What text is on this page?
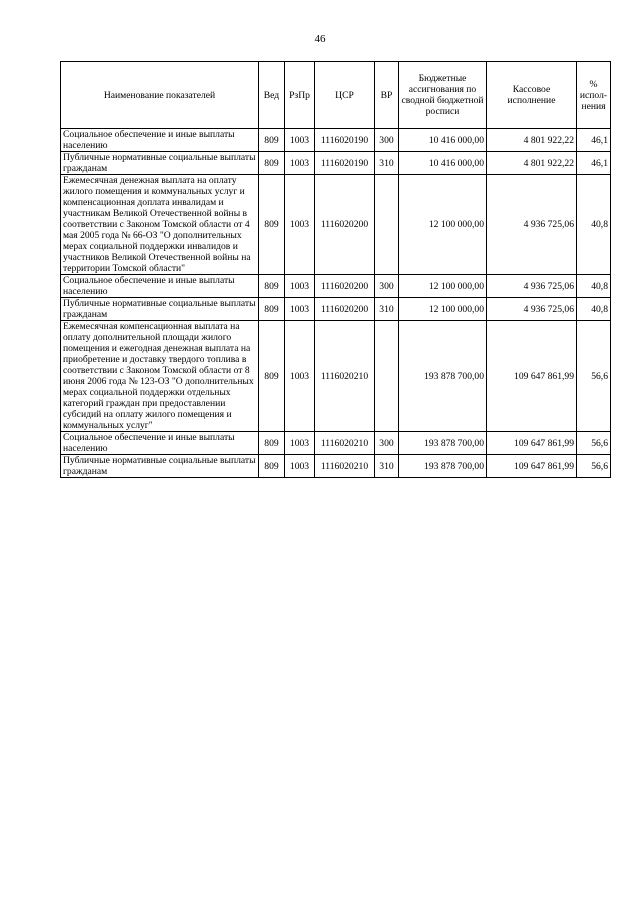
46
Наименование показателей	Вед	РзПр	ЦСР	ВР	Бюджетные ассигнования по сводной бюджетной росписи	Кассовое исполнение	% испол-нения
Социальное обеспечение и иные выплаты населению	809	1003	1116020190	300	10 416 000,00	4 801 922,22	46,1
Публичные нормативные социальные выплаты гражданам	809	1003	1116020190	310	10 416 000,00	4 801 922,22	46,1
Ежемесячная денежная выплата на оплату жилого помещения и коммунальных услуг и компенсационная доплата инвалидам и участникам Великой Отечественной войны в соответствии с Законом Томской области от 4 мая 2005 года № 66-ОЗ "О дополнительных мерах социальной поддержки инвалидов и участников Великой Отечественной войны на территории Томской области"	809	1003	1116020200		12 100 000,00	4 936 725,06	40,8
Социальное обеспечение и иные выплаты населению	809	1003	1116020200	300	12 100 000,00	4 936 725,06	40,8
Публичные нормативные социальные выплаты гражданам	809	1003	1116020200	310	12 100 000,00	4 936 725,06	40,8
Ежемесячная компенсационная выплата на оплату дополнительной площади жилого помещения и ежегодная денежная выплата на приобретение и доставку твердого топлива в соответствии с Законом Томской области от 8 июня 2006 года № 123-ОЗ "О дополнительных мерах социальной поддержки отдельных категорий граждан при предоставлении субсидий на оплату жилого помещения и коммунальных услуг"	809	1003	1116020210		193 878 700,00	109 647 861,99	56,6
Социальное обеспечение и иные выплаты населению	809	1003	1116020210	300	193 878 700,00	109 647 861,99	56,6
Публичные нормативные социальные выплаты гражданам	809	1003	1116020210	310	193 878 700,00	109 647 861,99	56,6
